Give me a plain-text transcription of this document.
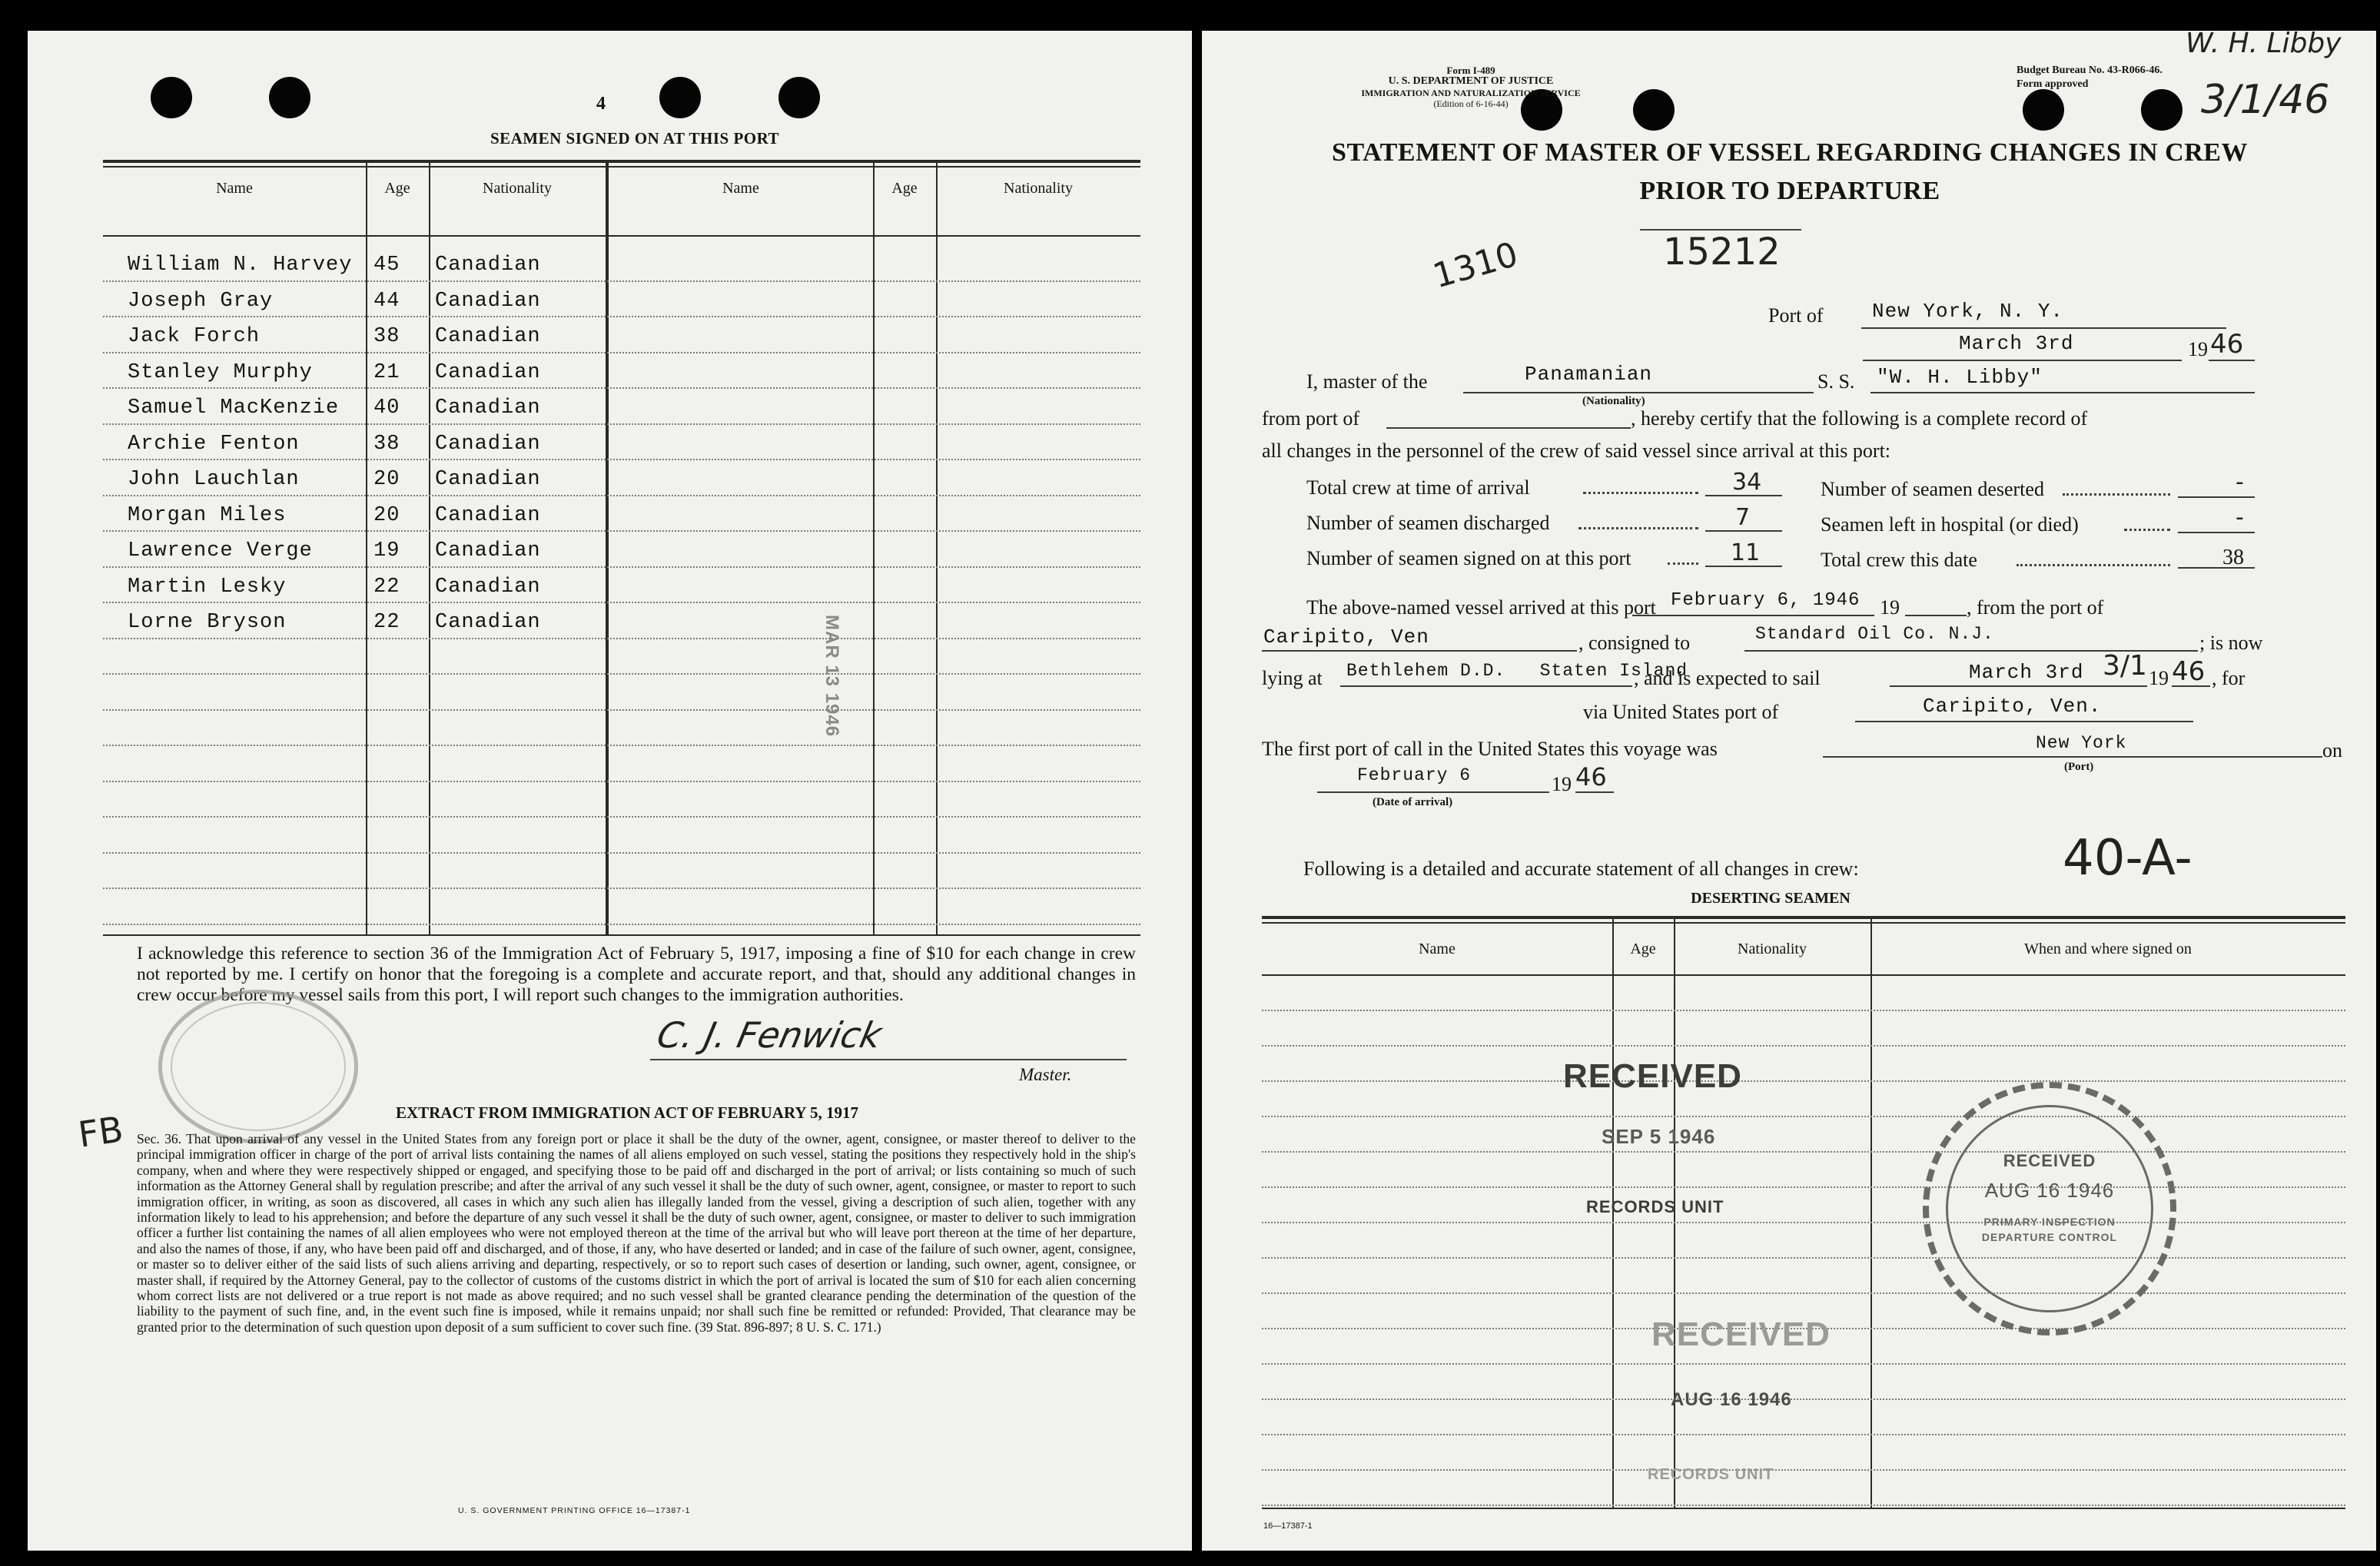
4
SEAMEN SIGNED ON AT THIS PORT
Name	Age	Nationality	Name	Age	Nationality
William N. Harvey 45 Canadian
Joseph Gray	44 Canadian
Jack Forch	38 Canadian
Stanley Murphy	21 Canadian
Samuel MacKenzie 40 Canadian
Archie Fenton	38 Canadian
John Lauchlan	20 Canadian
Morgan Miles	20 Canadian
Lawrence Verge	19 Canadian
Martin Lesky	22 Canadian
Lorne Bryson	22 Canadian	MAR 13 1946
I acknowledge this reference to section 36 of the Immigration Act of February 5, 1917, imposing a fine of $10 for each change in crew not reported by me. I certify on honor that the foregoing is a complete and accurate report, and that, should any additional changes in crew occur before my vessel sails from this port, I will report such changes to the immigration authorities.
C. J. Fenwick
Master.
FB	EXTRACT FROM IMMIGRATION ACT OF FEBRUARY 5, 1917
Sec. 36. That upon arrival of any vessel in the United States from any foreign port or place it shall be the duty of the owner, agent, consignee, or master thereof to deliver to the principal immigration officer in charge of the port of arrival lists containing the names of all aliens employed on such vessel, stating the positions they respectively hold in the ship's company, when and where they were respectively shipped or engaged, and specifying those to be paid off and discharged in the port of arrival; or lists containing so much of such information as the Attorney General shall by regulation prescribe; and after the arrival of any such vessel it shall be the duty of such owner, agent, consignee, or master to report to such immigration officer, in writing, as soon as discovered, all cases in which any such alien has illegally landed from the vessel, giving a description of such alien, together with any information likely to lead to his apprehension; and before the departure of any such vessel it shall be the duty of such owner, agent, consignee, or master to deliver to such immigration officer a further list containing the names of all alien employees who were not employed thereon at the time of the arrival but who will leave port thereon at the time of her departure, and also the names of those, if any, who have been paid off and discharged, and of those, if any, who have deserted or landed; and in case of the failure of such owner, agent, consignee, or master so to deliver either of the said lists of such aliens arriving and departing, respectively, or so to report such cases of desertion or landing, such owner, agent, consignee, or master shall, if required by the Attorney General, pay to the collector of customs of the customs district in which the port of arrival is located the sum of $10 for each alien concerning whom correct lists are not delivered or a true report is not made as above required; and no such vessel shall be granted clearance pending the determination of the question of the liability to the payment of such fine, and, in the event such fine is imposed, while it remains unpaid; nor shall such fine be remitted or refunded: Provided, That clearance may be granted prior to the determination of such question upon deposit of a sum sufficient to cover such fine. (39 Stat. 896-897; 8 U. S. C. 171.)
U. S. GOVERNMENT PRINTING OFFICE 16—17387-1
Form I-489
U. S. DEPARTMENT OF JUSTICE
IMMIGRATION AND NATURALIZATION SERVICE
(Edition of 6-16-44)
Budget Bureau No. 43-R066-46.
Form approved
W. H. Libby
3/1/46
STATEMENT OF MASTER OF VESSEL REGARDING CHANGES IN CREW
PRIOR TO DEPARTURE
1310	15212
Port of New York, N. Y.
March 3rd	19 46
I, master of the	Panamanian
(Nationality)
S. S. "W. H. Libby"
from port of	, hereby certify that the following is a complete record of
all changes in the personnel of the crew of said vessel since arrival at this port:
Total crew at time of arrival	34	Number of seamen deserted	-
Number of seamen discharged	7	Seamen left in hospital (or died)	-
Number of seamen signed on at this port	11	Total crew this date	38
The above-named vessel arrived at this port February 6, 1946 19	, from the port of
Caripito, Ven	, consigned to	Standard Oil Co. N.J.	; is now
lying at Bethlehem D.D.   Staten Island
, and is expected to sail	March 3rd 3/1 19 46 , for
via United States port of	Caripito, Ven.
The first port of call in the United States this voyage was	New York
(Port)
on
February 6	19 46
(Date of arrival)
40-A-
Following is a detailed and accurate statement of all changes in crew:
DESERTING SEAMEN
Name	Age	Nationality	When and where signed on
RECEIVED
SEP 5 1946
RECORDS UNIT
RECEIVED
AUG 16 1946
RECORDS UNIT
RECEIVED
AUG 16 1946
PRIMARY INSPECTION
DEPARTURE CONTROL
16—17387-1
